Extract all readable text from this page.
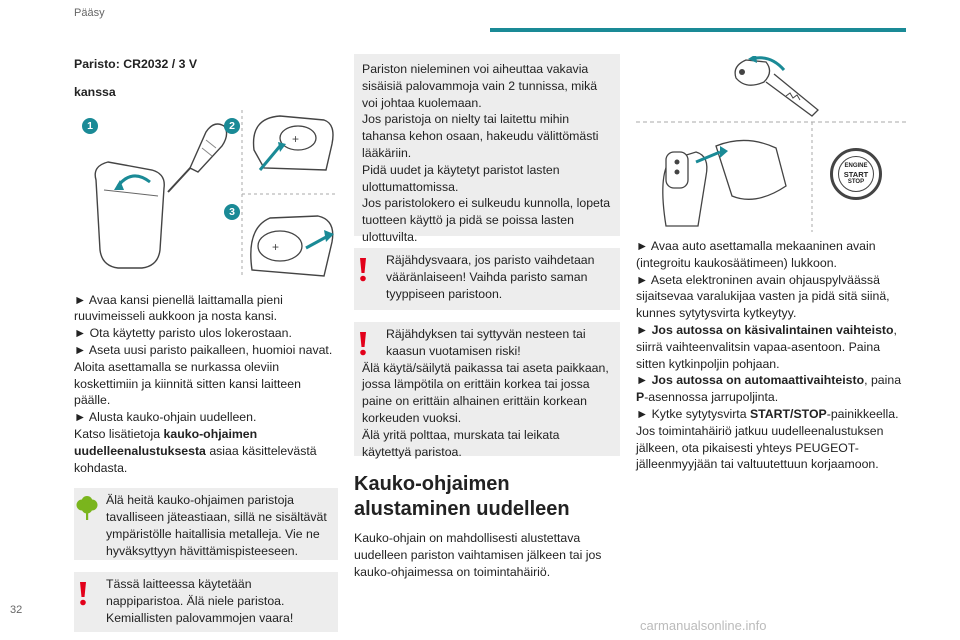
Pääsy

Paristo: CR2032 / 3 V

kanssa

+
+
1	2
3

► Avaa kansi pienellä laittamalla pieni ruuvimeisseli aukkoon ja nosta kansi.

► Ota käytetty paristo ulos lokerostaan.

► Aseta uusi paristo paikalleen, huomioi navat. Aloita asettamalla se nurkassa oleviin koskettimiin ja kiinnitä sitten kansi laitteen päälle.

► Alusta kauko-ohjain uudelleen.

Katso lisätietoja kauko-ohjaimen uudelleenalustuksesta asiaa käsittelevästä kohdasta.

Älä heitä kauko-ohjaimen paristoja tavalliseen jäteastiaan, sillä ne sisältävät ympäristölle haitallisia metalleja. Vie ne hyväksyttyyn hävittämispisteeseen.

Tässä laitteessa käytetään nappiparistoa. Älä niele paristoa. Kemiallisten palovammojen vaara!

Pariston nieleminen voi aiheuttaa vakavia sisäisiä palovammoja vain 2 tunnissa, mikä voi johtaa kuolemaan.

Jos paristoja on nielty tai laitettu mihin tahansa kehon osaan, hakeudu välittömästi lääkäriin.

Pidä uudet ja käytetyt paristot lasten ulottumattomissa.

Jos paristolokero ei sulkeudu kunnolla, lopeta tuotteen käyttö ja pidä se poissa lasten ulottuvilta.

Räjähdysvaara, jos paristo vaihdetaan vääränlaiseen! Vaihda paristo saman tyyppiseen paristoon.

Räjähdyksen tai syttyvän nesteen tai kaasun vuotamisen riski!

Älä käytä/säilytä paikassa tai aseta paikkaan, jossa lämpötila on erittäin korkea tai jossa paine on erittäin alhainen erittäin korkean korkeuden vuoksi.

Älä yritä polttaa, murskata tai leikata käytettyä paristoa.

Kauko-ohjaimen alustaminen uudelleen

Kauko-ohjain on mahdollisesti alustettava uudelleen pariston vaihtamisen jälkeen tai jos kauko-ohjaimessa on toimintahäiriö.

ENGINE
START
STOP

► Avaa auto asettamalla mekaaninen avain (integroitu kaukosäätimeen) lukkoon.

► Aseta elektroninen avain ohjauspylväässä sijaitsevaa varalukijaa vasten ja pidä sitä siinä, kunnes sytytysvirta kytkeytyy.

► Jos autossa on käsivalintainen vaihteisto, siirrä vaihteenvalitsin vapaa-asentoon. Paina sitten kytkinpoljin pohjaan.

► Jos autossa on automaattivaihteisto, paina P-asennossa jarrupoljinta.

► Kytke sytytysvirta START/STOP-painikkeella.

Jos toimintahäiriö jatkuu uudelleenalustuksen jälkeen, ota pikaisesti yhteys PEUGEOT-jälleenmyyjään tai valtuutettuun korjaamoon.

32
carmanualsonline.info
